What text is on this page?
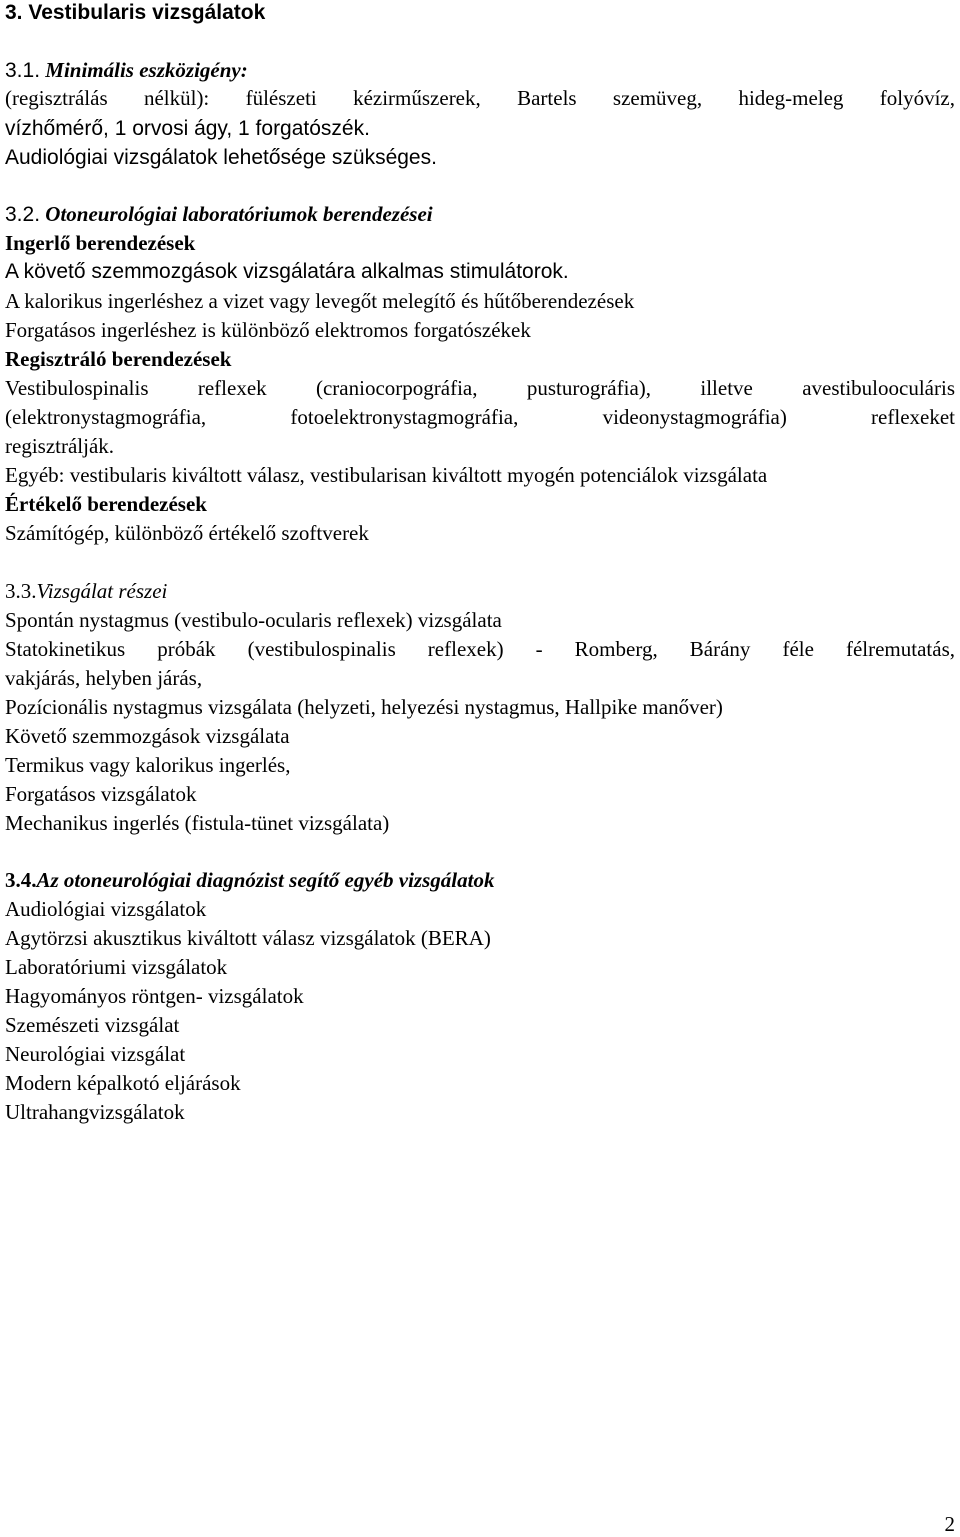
3. Vestibularis vizsgálatok
3.1. Minimális eszközigény:
(regisztrálás nélkül): fülészeti kézirműszerek, Bartels szemüveg, hideg-meleg folyóvíz,
vízhőmérő, 1 orvosi ágy, 1 forgatószék.
Audiológiai vizsgálatok lehetősége szükséges.
3.2. Otoneurológiai laboratóriumok berendezései
Ingerlő berendezések
A követő szemmozgások vizsgálatára alkalmas stimulátorok.
A kalorikus ingerléshez a vizet vagy levegőt melegítő és hűtőberendezések
Forgatásos ingerléshez is különböző elektromos forgatószékek
Regisztráló berendezések
Vestibulospinalis reflexek (craniocorpográfia, pusturográfia), illetve avestibulooculáris
(elektronystagmográfia, fotoelektronystagmográfia, videonystagmográfia) reflexeket
regisztrálják.
Egyéb: vestibularis kiváltott válasz, vestibularisan kiváltott myogén potenciálok vizsgálata
Értékelő berendezések
Számítógép, különböző értékelő szoftverek
3.3.Vizsgálat részei
Spontán nystagmus (vestibulo-ocularis reflexek) vizsgálata
Statokinetikus próbák (vestibulospinalis reflexek) - Romberg, Bárány féle félremutatás,
vakjárás, helyben járás,
Pozícionális nystagmus vizsgálata (helyzeti, helyezési nystagmus, Hallpike manőver)
Követő szemmozgások vizsgálata
Termikus vagy kalorikus ingerlés,
Forgatásos vizsgálatok
Mechanikus ingerlés (fistula-tünet vizsgálata)
3.4.Az otoneurológiai diagnózist segítő egyéb vizsgálatok
Audiológiai vizsgálatok
Agytörzsi akusztikus kiváltott válasz vizsgálatok (BERA)
Laboratóriumi vizsgálatok
Hagyományos röntgen- vizsgálatok
Szemészeti vizsgálat
Neurológiai vizsgálat
Modern képalkotó eljárások
Ultrahangvizsgálatok
2
